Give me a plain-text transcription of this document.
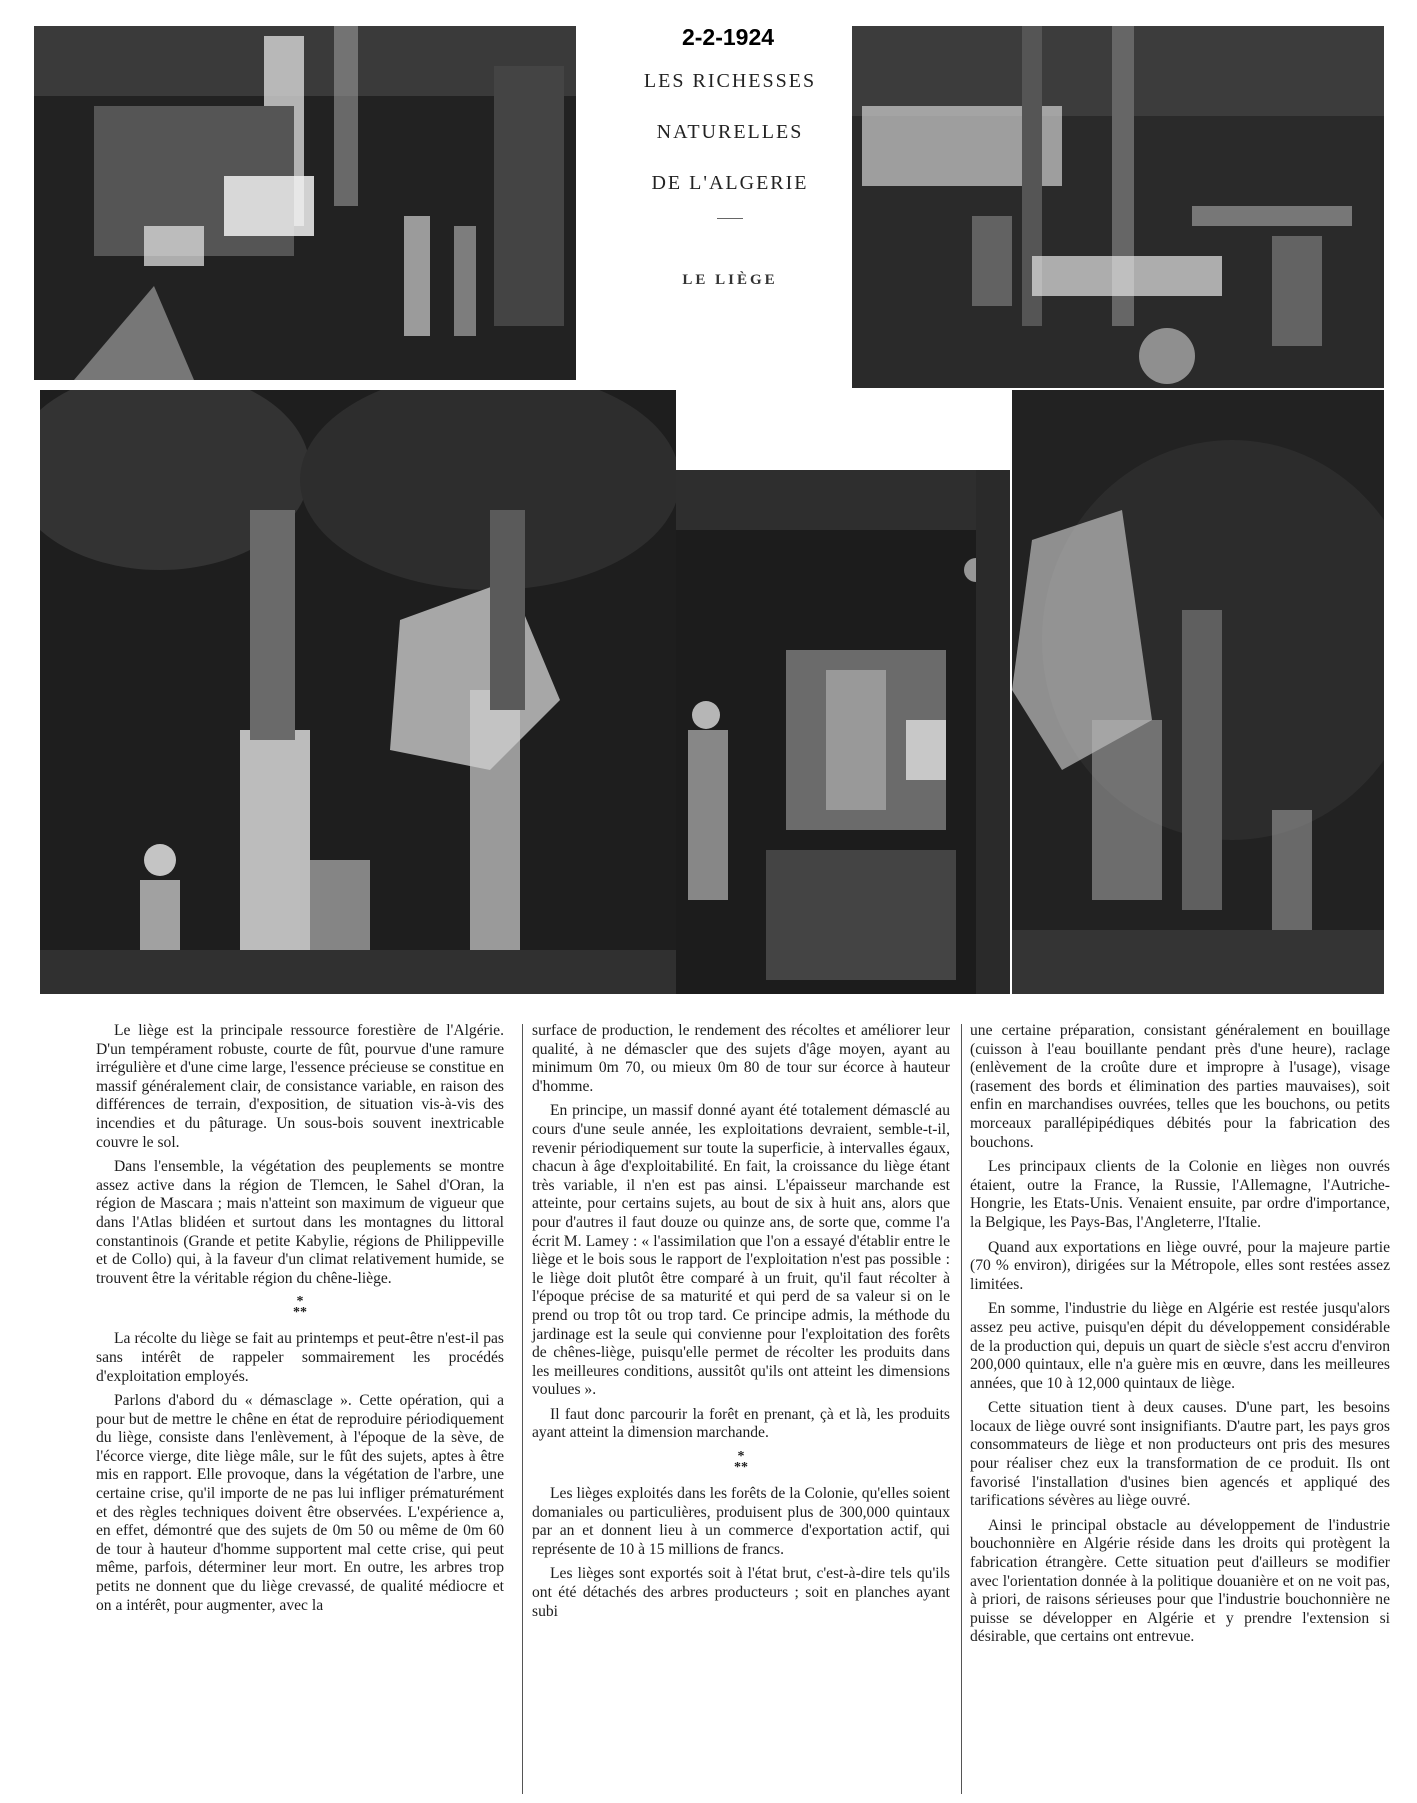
2-2-1924
LES RICHESSES
NATURELLES
DE L'ALGERIE
LE LIÈGE

Le liège est la principale ressource forestière de l'Algérie. D'un tempérament robuste, courte de fût, pourvue d'une ramure irrégulière et d'une cime large, l'essence précieuse se constitue en massif généralement clair, de consistance variable, en raison des différences de terrain, d'exposition, de situation vis-à-vis des incendies et du pâturage. Un sous-bois souvent inextricable couvre le sol.

Dans l'ensemble, la végétation des peuplements se montre assez active dans la région de Tlemcen, le Sahel d'Oran, la région de Mascara ; mais n'atteint son maximum de vigueur que dans l'Atlas blidéen et surtout dans les montagnes du littoral constantinois (Grande et petite Kabylie, régions de Philippeville et de Collo) qui, à la faveur d'un climat relativement humide, se trouvent être la véritable région du chêne-liège.

*
**

La récolte du liège se fait au printemps et peut-être n'est-il pas sans intérêt de rappeler sommairement les procédés d'exploitation employés.

Parlons d'abord du « démasclage ». Cette opération, qui a pour but de mettre le chêne en état de reproduire périodiquement du liège, consiste dans l'enlèvement, à l'époque de la sève, de l'écorce vierge, dite liège mâle, sur le fût des sujets, aptes à être mis en rapport. Elle provoque, dans la végétation de l'arbre, une certaine crise, qu'il importe de ne pas lui infliger prématurément et des règles techniques doivent être observées. L'expérience a, en effet, démontré que des sujets de 0m 50 ou même de 0m 60 de tour à hauteur d'homme supportent mal cette crise, qui peut même, parfois, déterminer leur mort. En outre, les arbres trop petits ne donnent que du liège crevassé, de qualité médiocre et on a intérêt, pour augmenter, avec la

surface de production, le rendement des récoltes et améliorer leur qualité, à ne démascler que des sujets d'âge moyen, ayant au minimum 0m 70, ou mieux 0m 80 de tour sur écorce à hauteur d'homme.

En principe, un massif donné ayant été totalement démasclé au cours d'une seule année, les exploitations devraient, semble-t-il, revenir périodiquement sur toute la superficie, à intervalles égaux, chacun à âge d'exploitabilité. En fait, la croissance du liège étant très variable, il n'en est pas ainsi. L'épaisseur marchande est atteinte, pour certains sujets, au bout de six à huit ans, alors que pour d'autres il faut douze ou quinze ans, de sorte que, comme l'a écrit M. Lamey : « l'assimilation que l'on a essayé d'établir entre le liège et le bois sous le rapport de l'exploitation n'est pas possible : le liège doit plutôt être comparé à un fruit, qu'il faut récolter à l'époque précise de sa maturité et qui perd de sa valeur si on le prend ou trop tôt ou trop tard. Ce principe admis, la méthode du jardinage est la seule qui convienne pour l'exploitation des forêts de chênes-liège, puisqu'elle permet de récolter les produits dans les meilleures conditions, aussitôt qu'ils ont atteint les dimensions voulues ».

Il faut donc parcourir la forêt en prenant, çà et là, les produits ayant atteint la dimension marchande.

*
**

Les lièges exploités dans les forêts de la Colonie, qu'elles soient domaniales ou particulières, produisent plus de 300,000 quintaux par an et donnent lieu à un commerce d'exportation actif, qui représente de 10 à 15 millions de francs.

Les lièges sont exportés soit à l'état brut, c'est-à-dire tels qu'ils ont été détachés des arbres producteurs ; soit en planches ayant subi

une certaine préparation, consistant généralement en bouillage (cuisson à l'eau bouillante pendant près d'une heure), raclage (enlèvement de la croûte dure et impropre à l'usage), visage (rasement des bords et élimination des parties mauvaises), soit enfin en marchandises ouvrées, telles que les bouchons, ou petits morceaux parallépipédiques débités pour la fabrication des bouchons.

Les principaux clients de la Colonie en lièges non ouvrés étaient, outre la France, la Russie, l'Allemagne, l'Autriche-Hongrie, les Etats-Unis. Venaient ensuite, par ordre d'importance, la Belgique, les Pays-Bas, l'Angleterre, l'Italie.

Quand aux exportations en liège ouvré, pour la majeure partie (70 % environ), dirigées sur la Métropole, elles sont restées assez limitées.

En somme, l'industrie du liège en Algérie est restée jusqu'alors assez peu active, puisqu'en dépit du développement considérable de la production qui, depuis un quart de siècle s'est accru d'environ 200,000 quintaux, elle n'a guère mis en œuvre, dans les meilleures années, que 10 à 12,000 quintaux de liège.

Cette situation tient à deux causes. D'une part, les besoins locaux de liège ouvré sont insignifiants. D'autre part, les pays gros consommateurs de liège et non producteurs ont pris des mesures pour réaliser chez eux la transformation de ce produit. Ils ont favorisé l'installation d'usines bien agencés et appliqué des tarifications sévères au liège ouvré.

Ainsi le principal obstacle au développement de l'industrie bouchonnière en Algérie réside dans les droits qui protègent la fabrication étrangère. Cette situation peut d'ailleurs se modifier avec l'orientation donnée à la politique douanière et on ne voit pas, à priori, de raisons sérieuses pour que l'industrie bouchonnière ne puisse se développer en Algérie et y prendre l'extension si désirable, que certains ont entrevue.
